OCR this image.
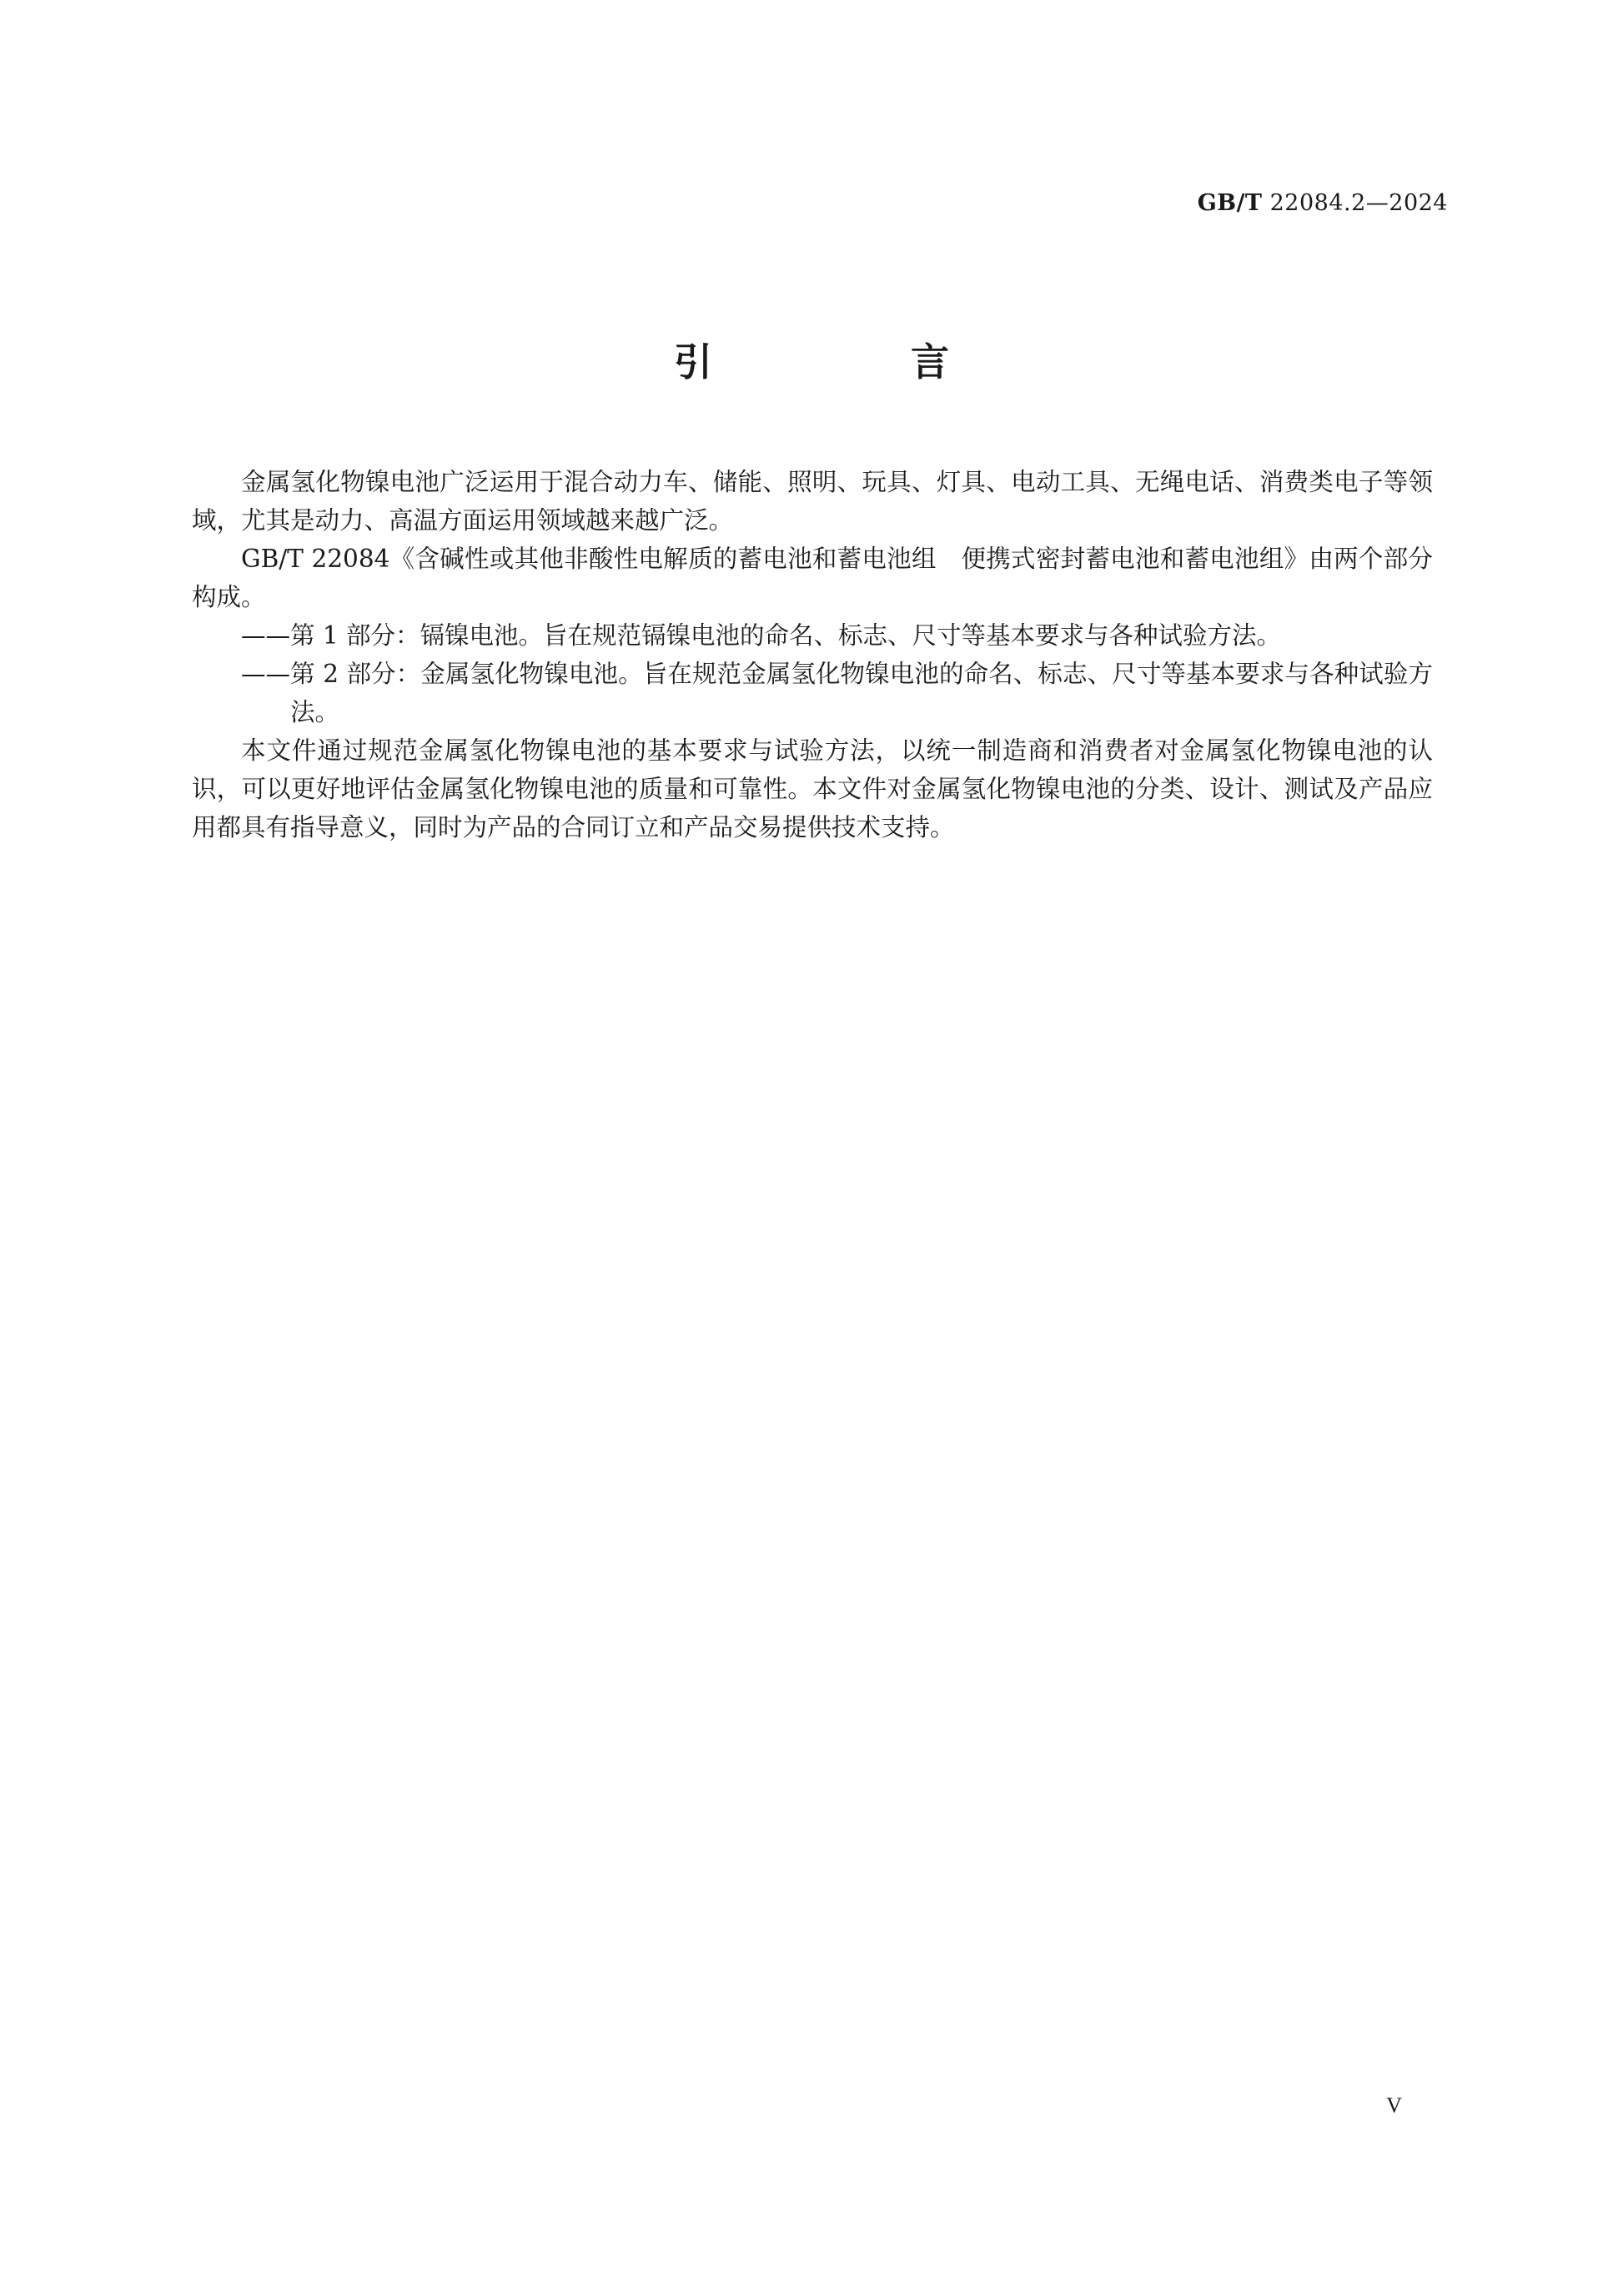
GB/T 22084.2—2024
引　言

金属氢化物镍电池广泛运用于混合动力车、储能、照明、玩具、灯具、电动工具、无绳电话、消费类电子等领域，尤其是动力、高温方面运用领域越来越广泛。

GB/T 22084《含碱性或其他非酸性电解质的蓄电池和蓄电池组　便携式密封蓄电池和蓄电池组》由两个部分构成。

——第 1 部分：镉镍电池。旨在规范镉镍电池的命名、标志、尺寸等基本要求与各种试验方法。

——第 2 部分：金属氢化物镍电池。旨在规范金属氢化物镍电池的命名、标志、尺寸等基本要求与各种试验方法。

本文件通过规范金属氢化物镍电池的基本要求与试验方法，以统一制造商和消费者对金属氢化物镍电池的认识，可以更好地评估金属氢化物镍电池的质量和可靠性。本文件对金属氢化物镍电池的分类、设计、测试及产品应用都具有指导意义，同时为产品的合同订立和产品交易提供技术支持。

V
